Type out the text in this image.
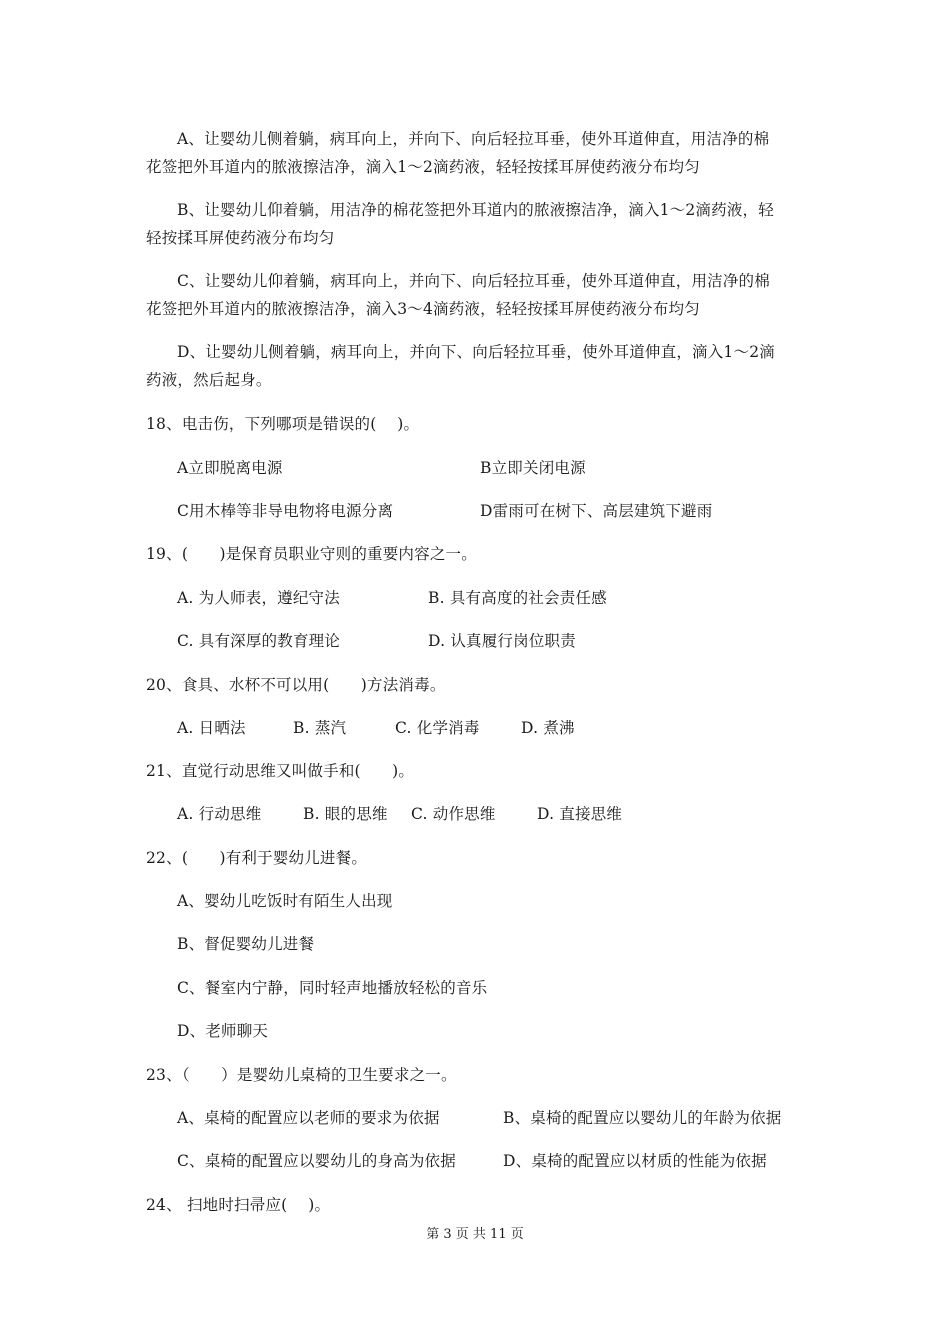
A、让婴幼儿侧着躺，病耳向上，并向下、向后轻拉耳垂，使外耳道伸直，用洁净的棉
花签把外耳道内的脓液擦洁净，滴入1～2滴药液，轻轻按揉耳屏使药液分布均匀
B、让婴幼儿仰着躺，用洁净的棉花签把外耳道内的脓液擦洁净，滴入1～2滴药液，轻
轻按揉耳屏使药液分布均匀
C、让婴幼儿仰着躺，病耳向上，并向下、向后轻拉耳垂，使外耳道伸直，用洁净的棉
花签把外耳道内的脓液擦洁净，滴入3～4滴药液，轻轻按揉耳屏使药液分布均匀
D、让婴幼儿侧着躺，病耳向上，并向下、向后轻拉耳垂，使外耳道伸直，滴入1～2滴
药液，然后起身。
18、电击伤，下列哪项是错误的(　 )。
A立即脱离电源	B立即关闭电源
C用木棒等非导电物将电源分离	D雷雨可在树下、高层建筑下避雨
19、(　　)是保育员职业守则的重要内容之一。
A. 为人师表，遵纪守法	B. 具有高度的社会责任感
C. 具有深厚的教育理论	D. 认真履行岗位职责
20、食具、水杯不可以用(　　)方法消毒。
A. 日晒法	B. 蒸汽	C. 化学消毒	D. 煮沸
21、直觉行动思维又叫做手和(　　)。
A. 行动思维	B. 眼的思维 C. 动作思维	D. 直接思维
22、(　　)有利于婴幼儿进餐。
A、婴幼儿吃饭时有陌生人出现
B、督促婴幼儿进餐
C、餐室内宁静，同时轻声地播放轻松的音乐
D、老师聊天
23、（　　）是婴幼儿桌椅的卫生要求之一。
A、桌椅的配置应以老师的要求为依据	B、桌椅的配置应以婴幼儿的年龄为依据
C、桌椅的配置应以婴幼儿的身高为依据	D、桌椅的配置应以材质的性能为依据
24、 扫地时扫帚应(　 )。
第 3 页 共 11 页
